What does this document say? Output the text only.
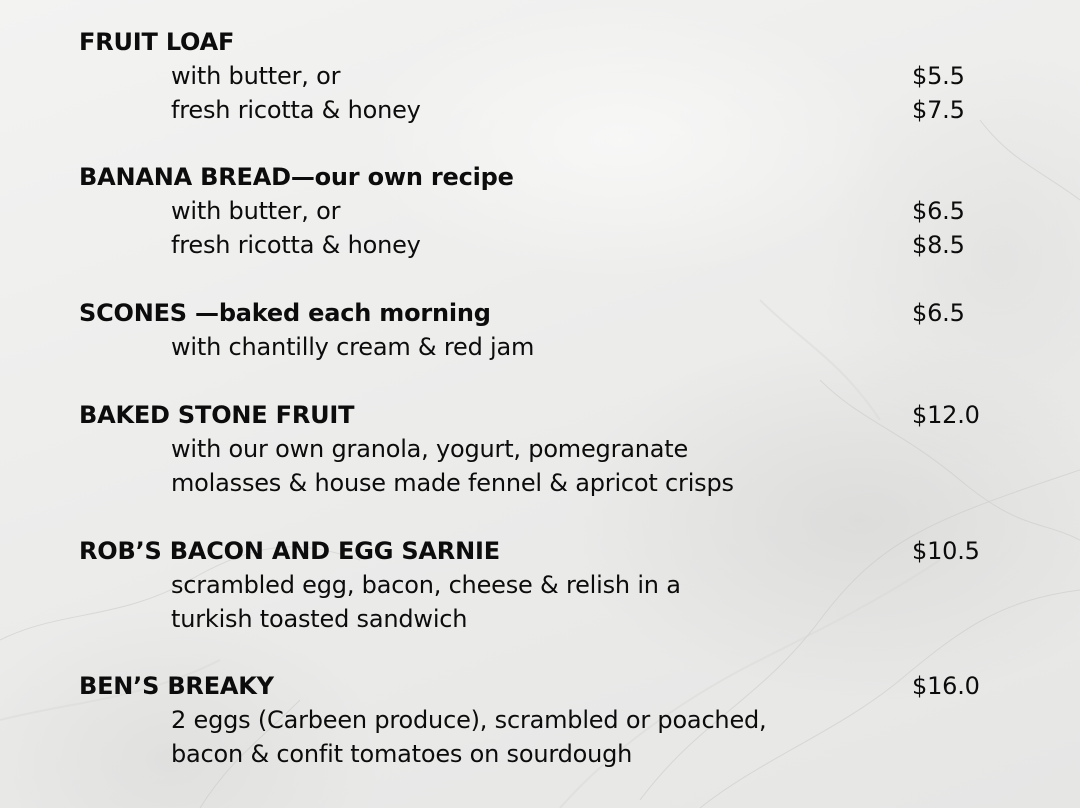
FRUIT LOAF
with butter, or	$5.5
fresh ricotta & honey	$7.5
BANANA BREAD—our own recipe
with butter, or	$6.5
fresh ricotta & honey	$8.5
SCONES —baked each morning	$6.5
with chantilly cream & red jam
BAKED STONE FRUIT	$12.0
with our own granola, yogurt, pomegranate
molasses & house made fennel & apricot crisps
ROB’S BACON AND EGG SARNIE	$10.5
scrambled egg, bacon, cheese & relish in a
turkish toasted sandwich
BEN’S BREAKY	$16.0
2 eggs (Carbeen produce), scrambled or poached,
bacon & confit tomatoes on sourdough
